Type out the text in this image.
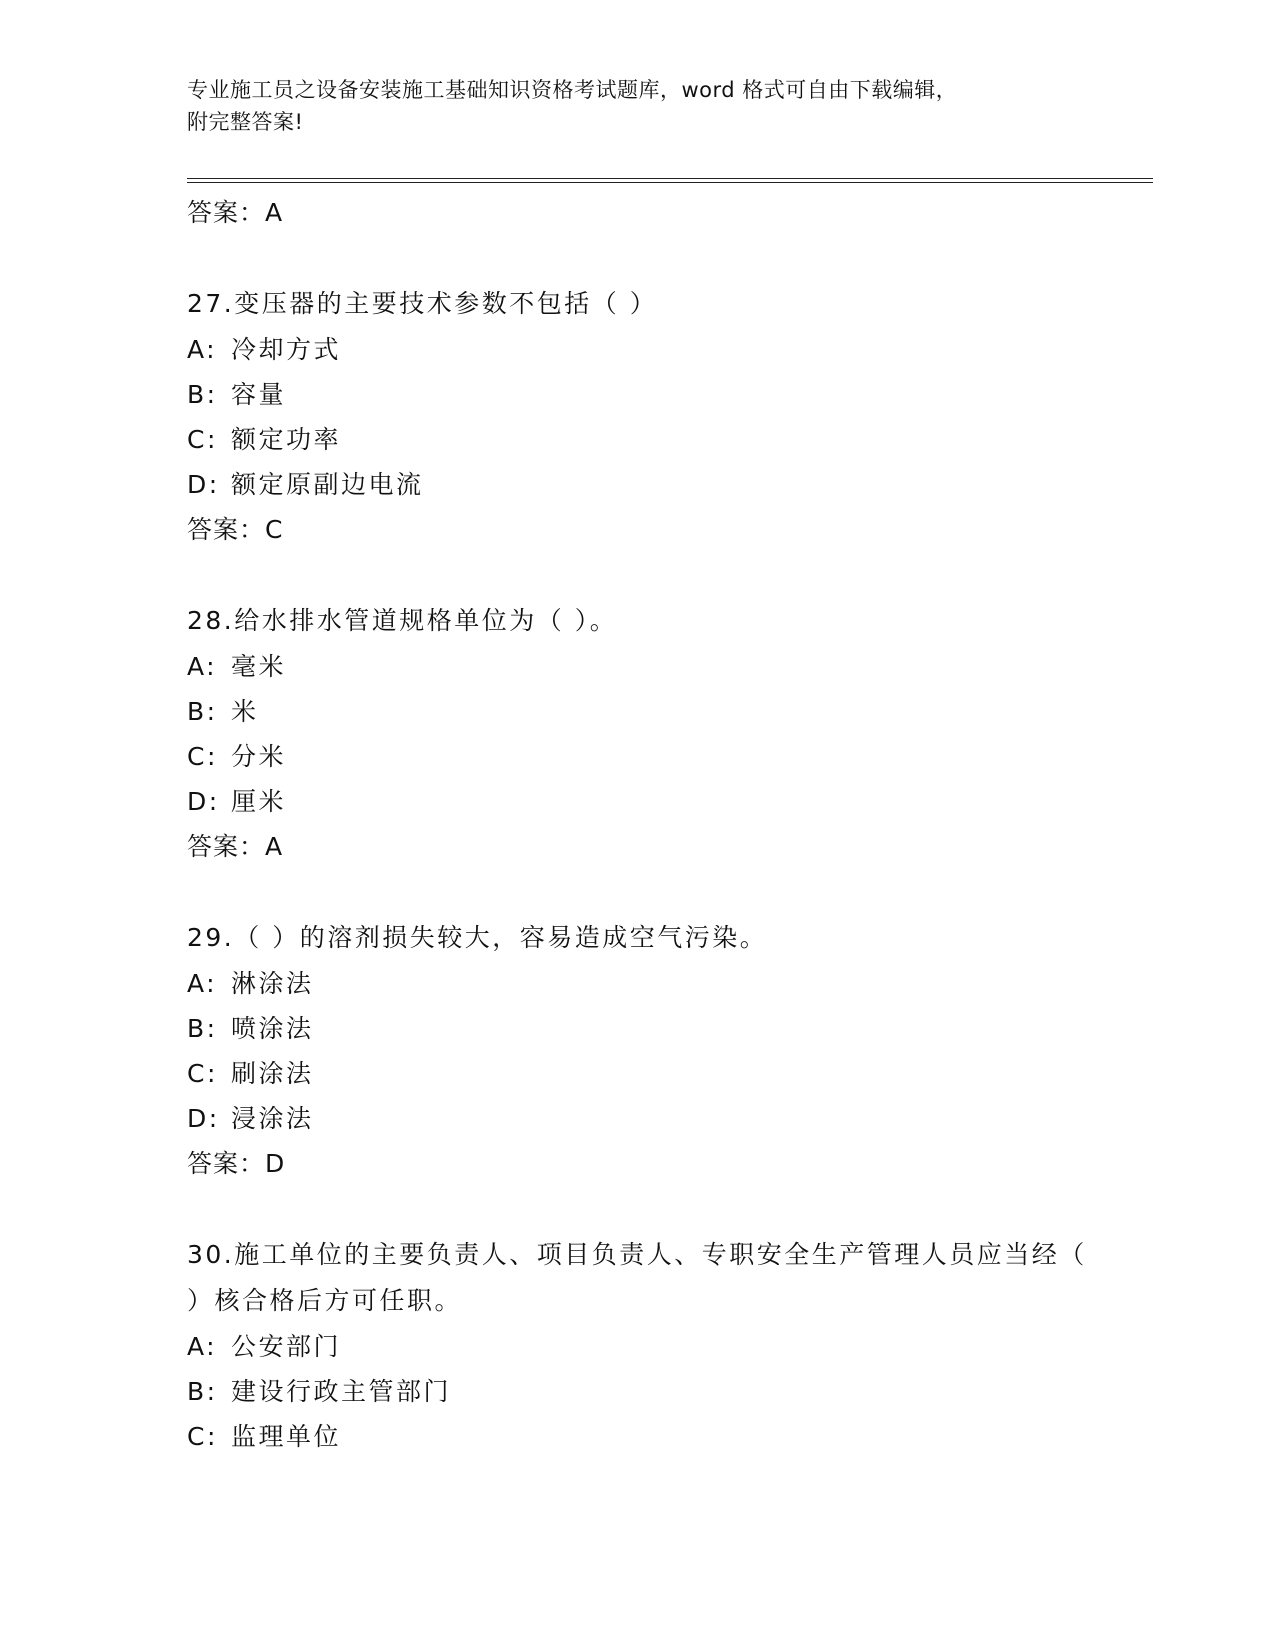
专业施工员之设备安装施工基础知识资格考试题库，word 格式可自由下载编辑，
附完整答案!
答案：A
27.变压器的主要技术参数不包括（ ）
A: 冷却方式
B: 容量
C: 额定功率
D: 额定原副边电流
答案：C
28.给水排水管道规格单位为（ ）。
A: 毫米
B: 米
C: 分米
D: 厘米
答案：A
29.（ ）的溶剂损失较大，容易造成空气污染。
A: 淋涂法
B: 喷涂法
C: 刷涂法
D: 浸涂法
答案：D
30.施工单位的主要负责人、项目负责人、专职安全生产管理人员应当经（ ）核合格后方可任职。
A: 公安部门
B: 建设行政主管部门
C: 监理单位
